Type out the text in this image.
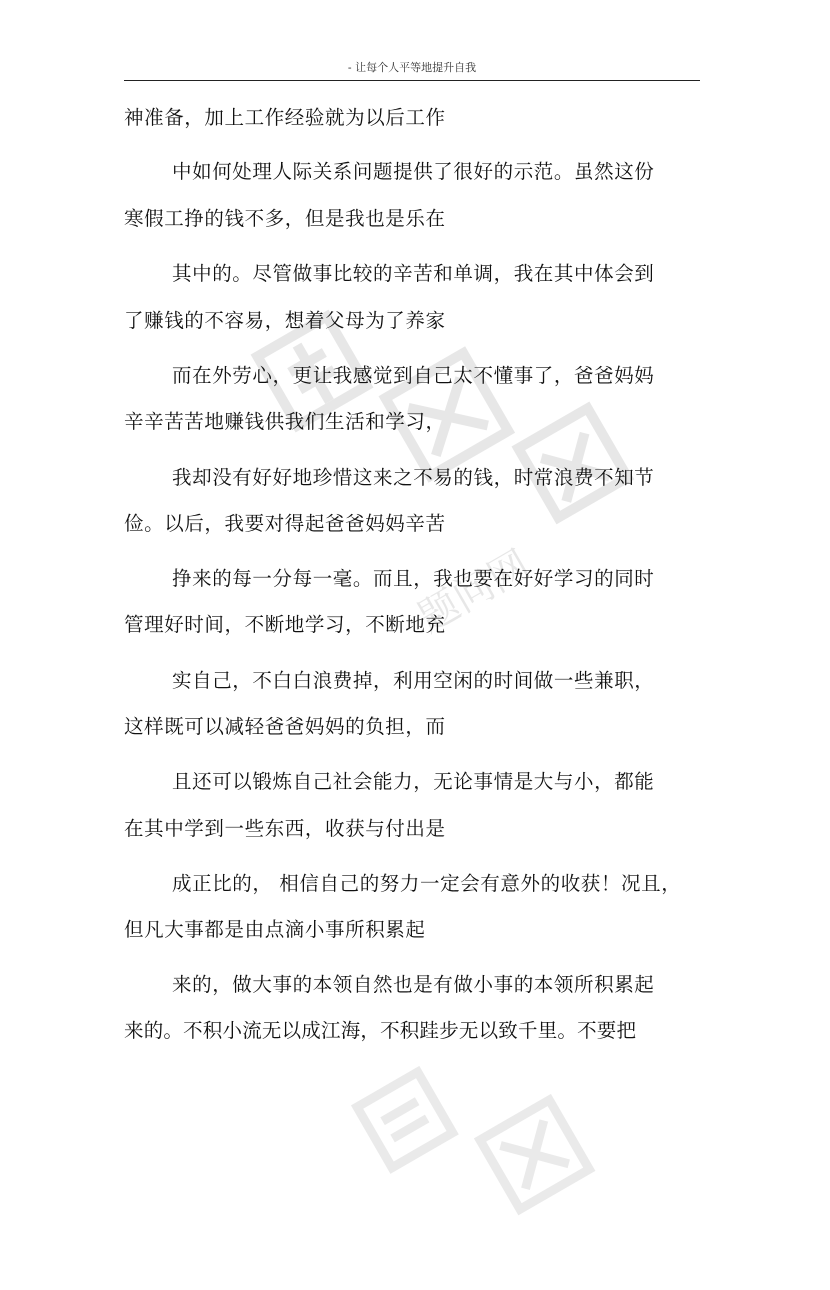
题问网
- 让每个人平等地提升自我
神准备，加上工作经验就为以后工作
中如何处理人际关系问题提供了很好的示范。虽然这份
寒假工挣的钱不多，但是我也是乐在
其中的。尽管做事比较的辛苦和单调，我在其中体会到
了赚钱的不容易，想着父母为了养家
而在外劳心，更让我感觉到自己太不懂事了，爸爸妈妈
辛辛苦苦地赚钱供我们生活和学习，
我却没有好好地珍惜这来之不易的钱，时常浪费不知节
俭。以后，我要对得起爸爸妈妈辛苦
挣来的每一分每一毫。而且，我也要在好好学习的同时
管理好时间，不断地学习，不断地充
实自己，不白白浪费掉，利用空闲的时间做一些兼职，
这样既可以减轻爸爸妈妈的负担，而
且还可以锻炼自己社会能力，无论事情是大与小，都能
在其中学到一些东西，收获与付出是
成正比的， 相信自己的努力一定会有意外的收获！况且，
但凡大事都是由点滴小事所积累起
来的，做大事的本领自然也是有做小事的本领所积累起
来的。不积小流无以成江海，不积跬步无以致千里。不要把
